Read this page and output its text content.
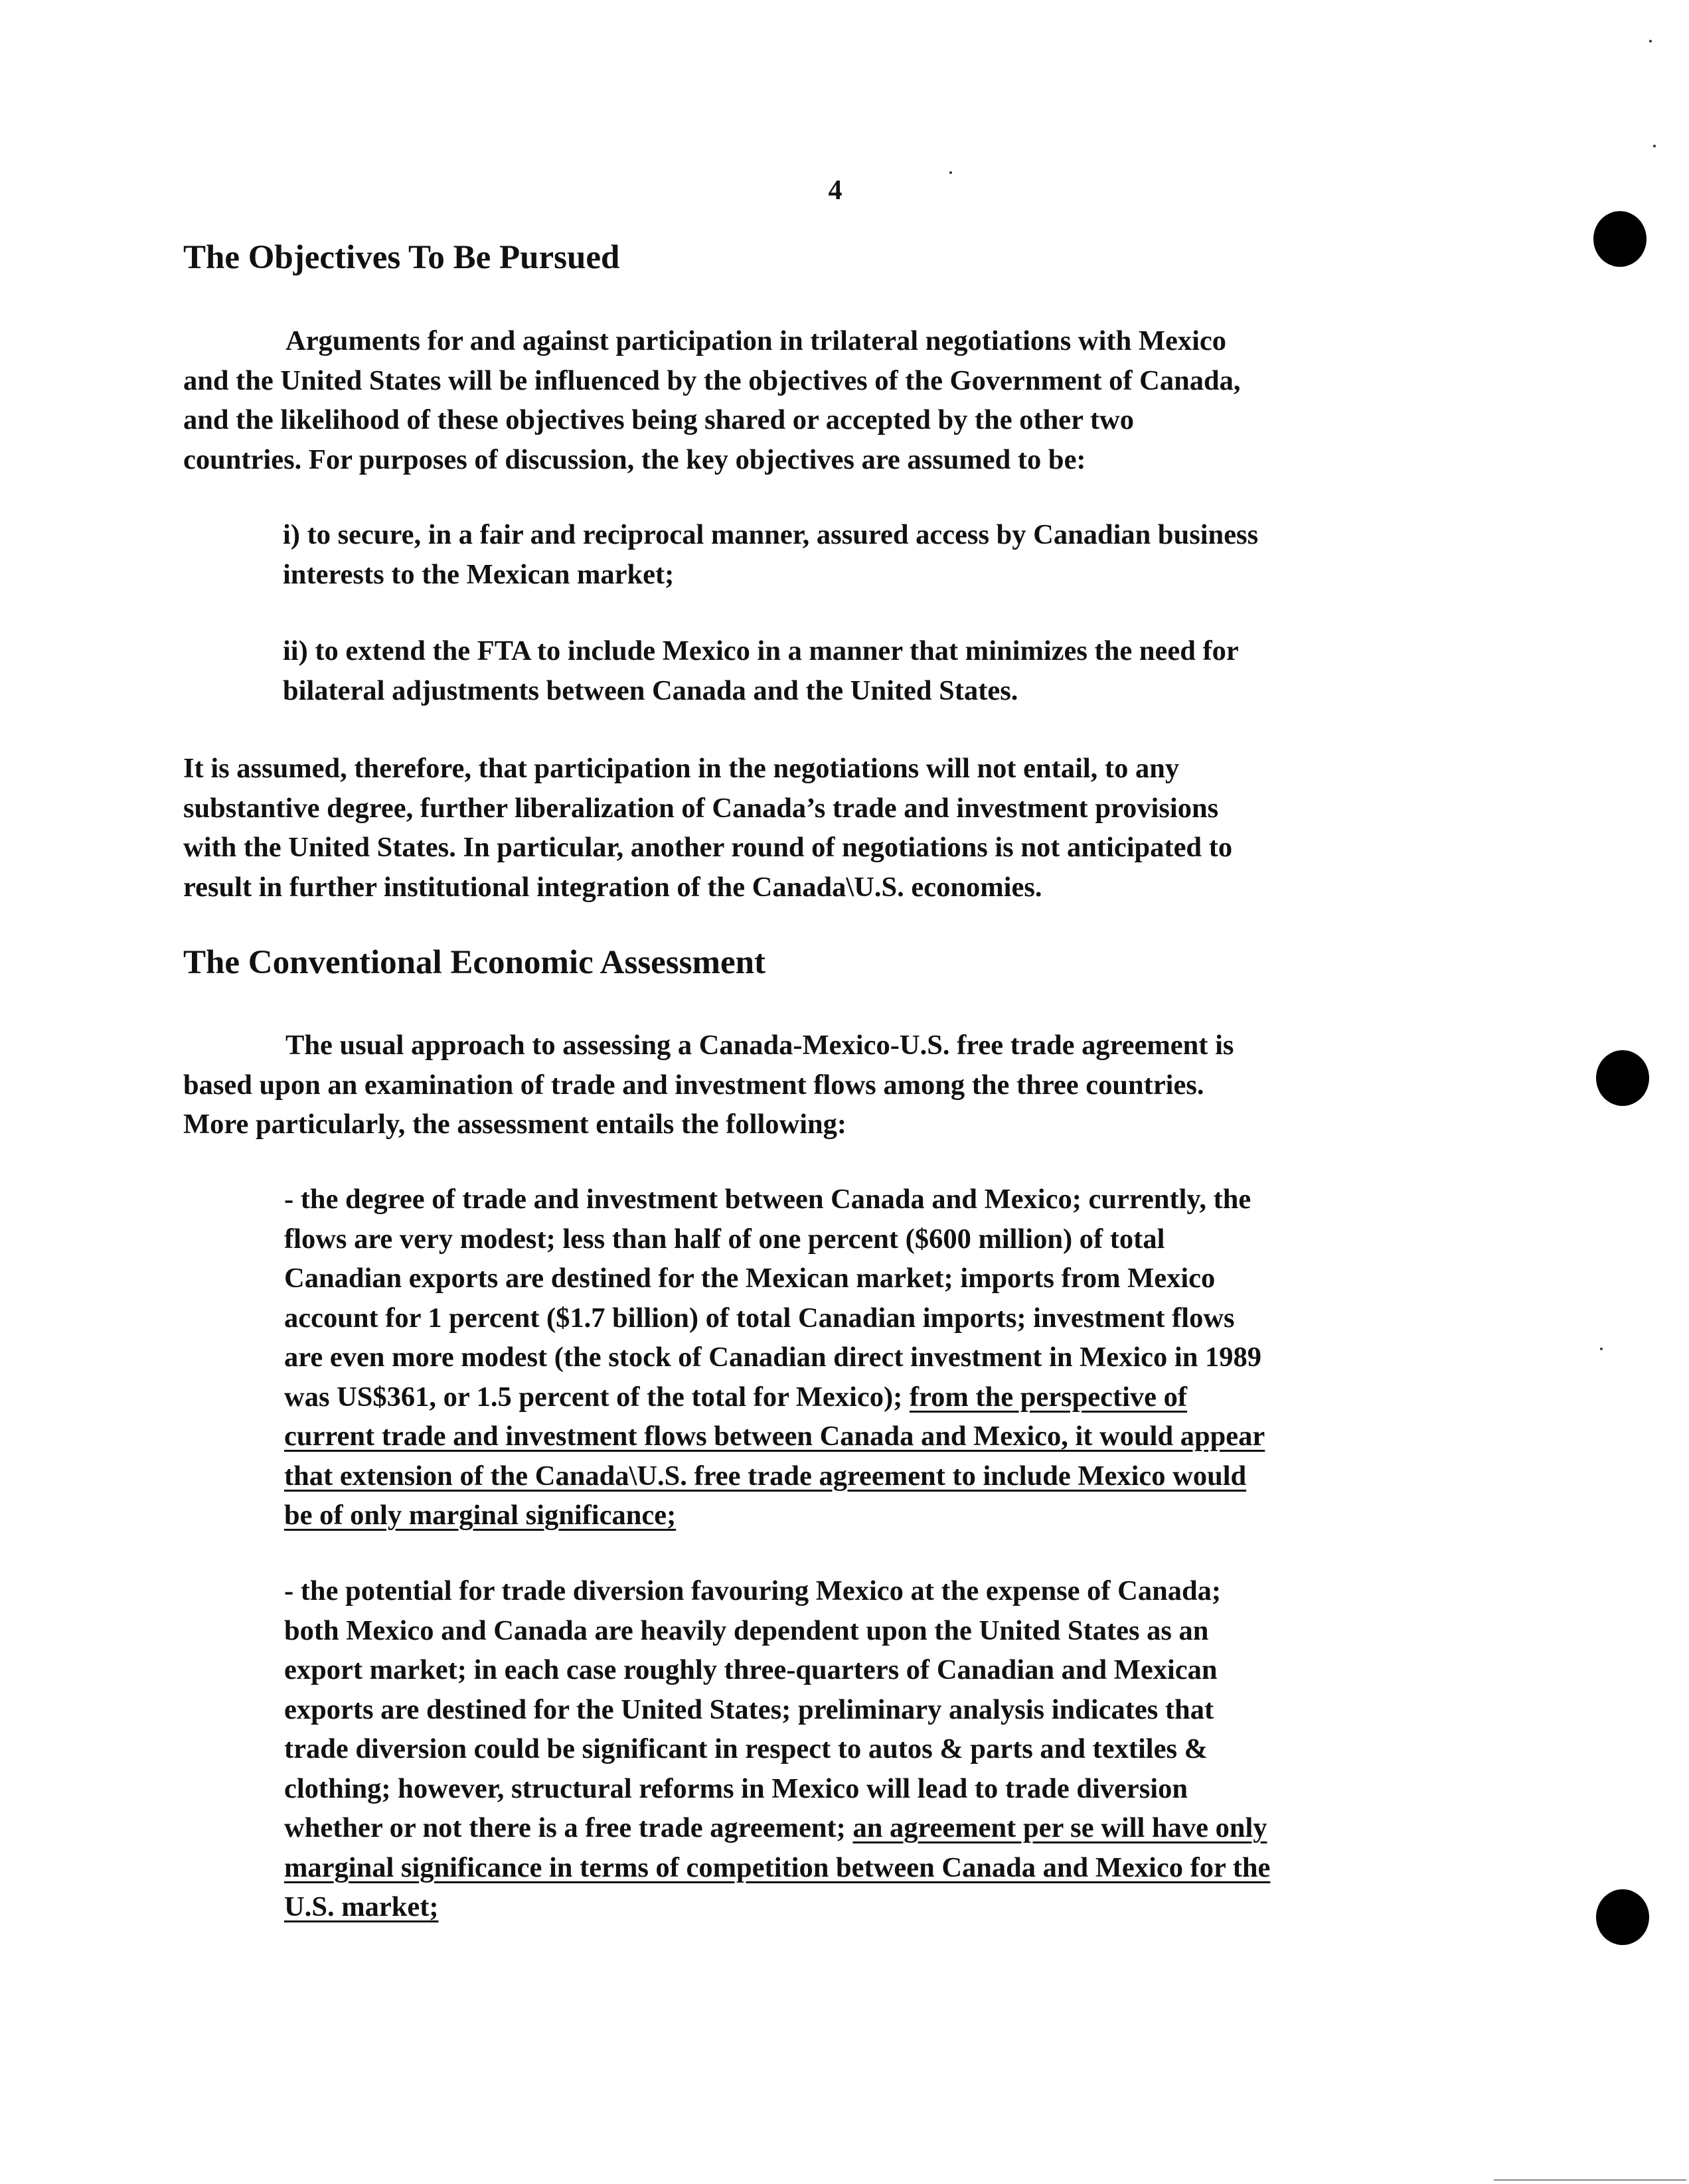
4
The Objectives To Be Pursued
Arguments for and against participation in trilateral negotiations with Mexico
and the United States will be influenced by the objectives of the Government of Canada,
and the likelihood of these objectives being shared or accepted by the other two
countries. For purposes of discussion, the key objectives are assumed to be:
i) to secure, in a fair and reciprocal manner, assured access by Canadian business
interests to the Mexican market;
ii) to extend the FTA to include Mexico in a manner that minimizes the need for
bilateral adjustments between Canada and the United States.
It is assumed, therefore, that participation in the negotiations will not entail, to any
substantive degree, further liberalization of Canada’s trade and investment provisions
with the United States. In particular, another round of negotiations is not anticipated to
result in further institutional integration of the Canada\U.S. economies.
The Conventional Economic Assessment
The usual approach to assessing a Canada-Mexico-U.S. free trade agreement is
based upon an examination of trade and investment flows among the three countries.
More particularly, the assessment entails the following:
- the degree of trade and investment between Canada and Mexico; currently, the
flows are very modest; less than half of one percent ($600 million) of total
Canadian exports are destined for the Mexican market; imports from Mexico
account for 1 percent ($1.7 billion) of total Canadian imports; investment flows
are even more modest (the stock of Canadian direct investment in Mexico in 1989
was US$361, or 1.5 percent of the total for Mexico); from the perspective of
current trade and investment flows between Canada and Mexico, it would appear
that extension of the Canada\U.S. free trade agreement to include Mexico would
be of only marginal significance;
- the potential for trade diversion favouring Mexico at the expense of Canada;
both Mexico and Canada are heavily dependent upon the United States as an
export market; in each case roughly three-quarters of Canadian and Mexican
exports are destined for the United States; preliminary analysis indicates that
trade diversion could be significant in respect to autos & parts and textiles &
clothing; however, structural reforms in Mexico will lead to trade diversion
whether or not there is a free trade agreement; an agreement per se will have only
marginal significance in terms of competition between Canada and Mexico for the
U.S. market;
